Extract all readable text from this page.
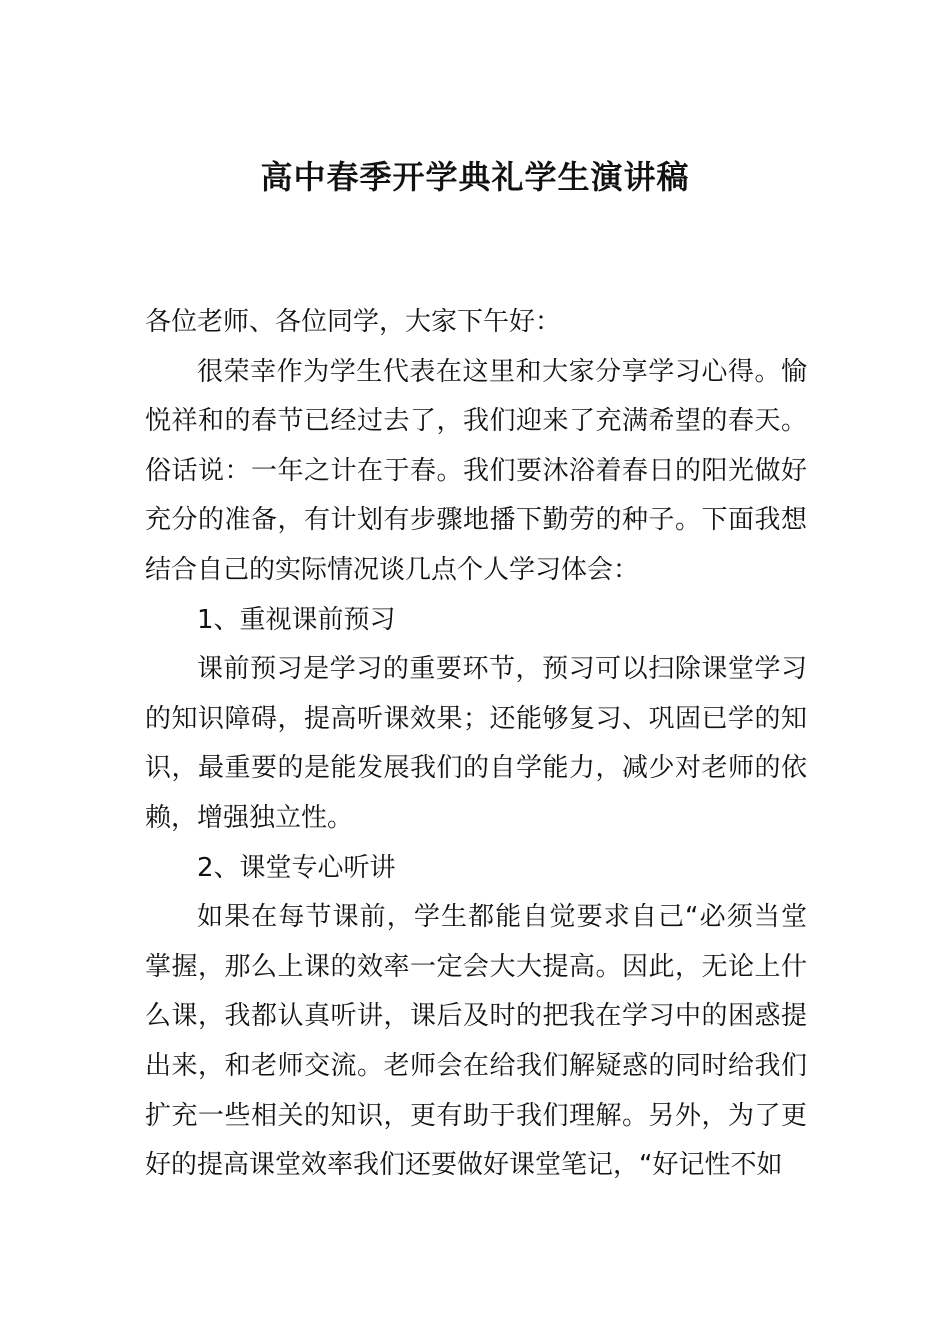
高中春季开学典礼学生演讲稿

各位老师、各位同学，大家下午好：

很荣幸作为学生代表在这里和大家分享学习心得。愉悦祥和的春节已经过去了，我们迎来了充满希望的春天。俗话说：一年之计在于春。我们要沐浴着春日的阳光做好充分的准备，有计划有步骤地播下勤劳的种子。下面我想结合自己的实际情况谈几点个人学习体会：

1、重视课前预习

课前预习是学习的重要环节，预习可以扫除课堂学习的知识障碍，提高听课效果；还能够复习、巩固已学的知识，最重要的是能发展我们的自学能力，减少对老师的依赖，增强独立性。

2、课堂专心听讲

如果在每节课前，学生都能自觉要求自己“必须当堂掌握，那么上课的效率一定会大大提高。因此，无论上什么课，我都认真听讲，课后及时的把我在学习中的困惑提出来，和老师交流。老师会在给我们解疑惑的同时给我们扩充一些相关的知识，更有助于我们理解。另外，为了更好的提高课堂效率我们还要做好课堂笔记，“好记性不如
